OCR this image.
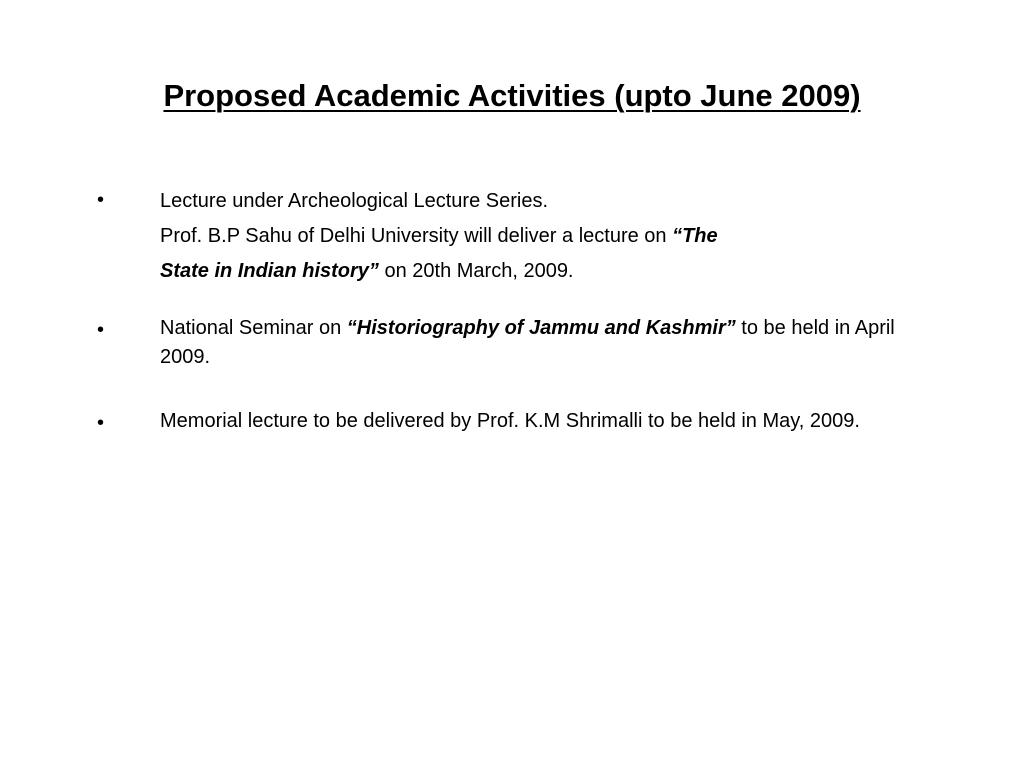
Proposed Academic Activities (upto June 2009)
•	Lecture under Archeological Lecture Series.

Prof. B.P Sahu of Delhi University will deliver a lecture on “The

State in Indian history” on 20th March, 2009.

•	National Seminar on “Historiography of Jammu and Kashmir” to be held in April 2009.

•	Memorial lecture to be delivered by Prof. K.M Shrimalli to be held in May, 2009.
